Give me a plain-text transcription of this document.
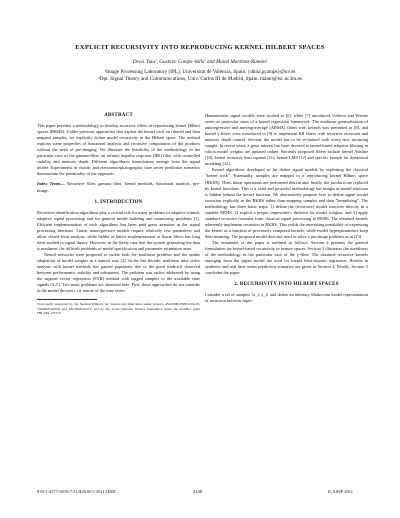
EXPLICIT RECURSIVITY INTO REPRODUCING KERNEL HILBERT SPACES
Devis Tuia¹, Gustavo Camps-Valls¹ and Manel Martínez-Ramón²
¹Image Processing Laboratory (IPL), Universitat de València, Spain. {dtuia,gcamps}@uv.es
²Dpt. Signal Theory and Communications, Univ. Carlos III de Madrid, Spain. manel@tsc.uc3m.es
ABSTRACT

This paper presents a methodology to develop recursive filters in reproducing kernel Hilbert spaces (RKHS). Unlike previous approaches that exploit the kernel trick on filtered and then mapped samples, we explicitly define model recursivity in the Hilbert space. The method exploits some properties of functional analysis and recursive computation of dot products without the need of pre-imaging. We illustrate the feasibility of the methodology in the particular case of the gamma-filter, an infinite impulse response (IIR) filter with controlled stability and memory depth. Different algorithmic formulations emerge from the signal model. Experiments in chaotic and electroencephalographic time series prediction scenarios demonstrate the potentiality of the approach.

Index Terms— Recursive filter, gamma filter, kernel methods, functional analysis, pre-image.
1. INTRODUCTION

Recursive identification algorithms play a crucial role for many problems in adaptive control, adaptive signal processing and for general model building and monitoring problems [1]. Efficient implementation of such algorithms has been paid great attention in the signal processing literature. Linear autoregressive models require relatively few parameters and allow closed-form analysis, while ladder or lattice implementation of linear filters has long been studied in signal theory. However, in the likely case that the system generating the data is nonlinear, the difficult problems of model specification and parameter estimation arise.

Neural networks were proposed to tackle both the nonlinear problem and the online adaptation of model weights in a natural way [2]. In the last decade, nonlinear time series analysis with kernel methods has gained popularity due to the good trade-off observed between performance, stability and robustness. The problem was earlier addressed by using the support vector regression (SVR) method with lagged samples of the available time signals [3–5]. Two main problems are observed here. First, these approaches do not consider in the model the non-i.i.d. nature of the time series.

Work partly supported by the Spanish Ministry for Science and Innovation under projects AYA2008-05965-C04-03, CSD2007-00018 and TEC2008-02473, and by the Swiss National Science Foundation under the PostDoc grant PBLAP2-127713.

Hammerstein signal models were studied in [6], while [7] introduced Volterra and Wiener series as particular cases of a kernel regression framework. The nonlinear generalization of autoregressive and moving-average (ARMA) filters with kernels was presented in [8], and kernel γ-filters were introduced in [9] to implement IIR filters with recursive recursion and memory depth control. Second, the model has to be re-trained with every new incoming sample. In recent years, a great interest has been devoted to kernel-based adaptive filtering in which model weights are updated online. Recently proposed filters include kernel Adaline [10], kernel recursive least squares [11], kernel LMS [12] and specific kernels for dynamical modeling [12].

Kernel algorithms developed so far define signal models by exploiting the classical "kernel trick". Essentially, samples are mapped to a reproducing kernel Hilbert space (RKHS). Then, linear operations are performed therein and, finally, dot products are replaced by kernel functions. This is a valid and powerful methodology but insight in model structure is hidden behind the kernel function. We alternatively propose here to define signal model recursion explicitly in the RKHS rather than mapping samples and then "kernelizing". The methodology has three basic steps: 1) define the (recursive) model structure directly in a suitable RKHS, 2) exploit a proper representer's theorem for model weights, and 3) apply standard recursive formulas from classical signal processing in RKHS. The obtained kernels inherently implement recursion in RKHS. This yields the interesting possibility of expressing the kernel as a function of previously computed kernels, while model hyperparameters keep their meaning. The proposed model does not need to solve a pre-image problem as in [13].

The remainder of the paper is outlined as follows. Section 2 presents the general formulation for kernel-based recursivity in feature spaces. Section 3 illustrates the usefulness of the methodology in the particular case of the γ-filter. The obtained recursive kernels emerging from the signal model are used for kernel least-squares regression. Results in synthetic and real time series prediction scenarios are given in Section 4. Finally, Section 5 concludes the paper.

2. RECURSIVITY INTO HILBERT SPACES

Consider a set of samples {x_i, y_i} and define an arbitrary Markovian model representation of recursion between input-

978-1-4577-0539-7/11/$26.00 ©2011 IEEE	4148	ICASSP 2011
